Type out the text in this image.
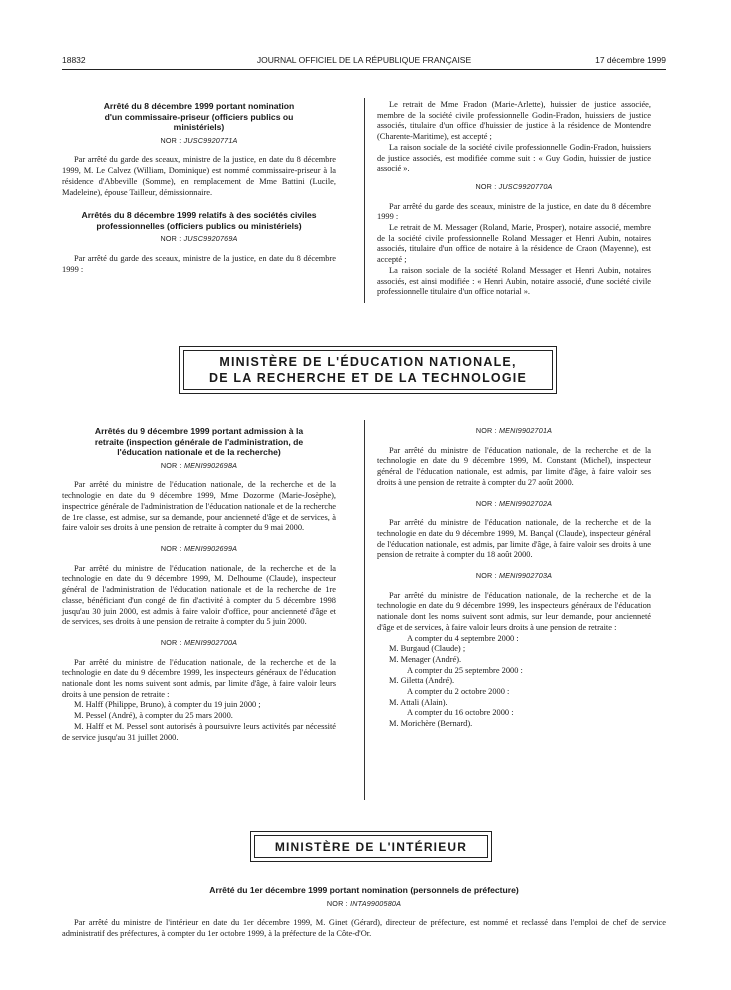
18832	JOURNAL OFFICIEL DE LA RÉPUBLIQUE FRANÇAISE	17 décembre 1999
Arrêté du 8 décembre 1999 portant nomination
d'un commissaire-priseur (officiers publics ou
ministériels)
NOR : JUSC9920771A

Par arrêté du garde des sceaux, ministre de la justice, en date du 8 décembre 1999, M. Le Calvez (William, Dominique) est nommé commissaire-priseur à la résidence d'Abbeville (Somme), en remplacement de Mme Battini (Lucile, Madeleine), épouse Tailleur, démissionnaire.

Arrêtés du 8 décembre 1999 relatifs à des sociétés civiles
professionnelles (officiers publics ou ministériels)
NOR : JUSC9920769A

Par arrêté du garde des sceaux, ministre de la justice, en date du 8 décembre 1999 :

Le retrait de Mme Fradon (Marie-Arlette), huissier de justice associée, membre de la société civile professionnelle Godin-Fradon, huissiers de justice associés, titulaire d'un office d'huissier de justice à la résidence de Montendre (Charente-Maritime), est accepté ;

La raison sociale de la société civile professionnelle Godin-Fradon, huissiers de justice associés, est modifiée comme suit : « Guy Godin, huissier de justice associé ».

NOR : JUSC9920770A

Par arrêté du garde des sceaux, ministre de la justice, en date du 8 décembre 1999 :

Le retrait de M. Messager (Roland, Marie, Prosper), notaire associé, membre de la société civile professionnelle Roland Messager et Henri Aubin, notaires associés, titulaire d'un office de notaire à la résidence de Craon (Mayenne), est accepté ;

La raison sociale de la société Roland Messager et Henri Aubin, notaires associés, est ainsi modifiée : « Henri Aubin, notaire associé, d'une société civile professionnelle titulaire d'un office notarial ».

MINISTÈRE DE L'ÉDUCATION NATIONALE,
DE LA RECHERCHE ET DE LA TECHNOLOGIE
Arrêtés du 9 décembre 1999 portant admission à la
retraite (inspection générale de l'administration, de
l'éducation nationale et de la recherche)
NOR : MENI9902698A

Par arrêté du ministre de l'éducation nationale, de la recherche et de la technologie en date du 9 décembre 1999, Mme Dozorme (Marie-Josèphe), inspectrice générale de l'administration de l'éducation nationale et de la recherche de 1re classe, est admise, sur sa demande, pour ancienneté d'âge et de services, à faire valoir ses droits à une pension de retraite à compter du 9 mai 2000.

NOR : MENI9902699A

Par arrêté du ministre de l'éducation nationale, de la recherche et de la technologie en date du 9 décembre 1999, M. Delhoume (Claude), inspecteur général de l'administration de l'éducation nationale et de la recherche de 1re classe, bénéficiant d'un congé de fin d'activité à compter du 5 décembre 1998 jusqu'au 30 juin 2000, est admis à faire valoir d'office, pour ancienneté d'âge et de services, ses droits à une pension de retraite à compter du 5 juin 2000.

NOR : MENI9902700A

Par arrêté du ministre de l'éducation nationale, de la recherche et de la technologie en date du 9 décembre 1999, les inspecteurs généraux de l'éducation nationale dont les noms suivent sont admis, par limite d'âge, à faire valoir leurs droits à une pension de retraite :

M. Halff (Philippe, Bruno), à compter du 19 juin 2000 ;

M. Pessel (André), à compter du 25 mars 2000.

M. Halff et M. Pessel sont autorisés à poursuivre leurs activités par nécessité de service jusqu'au 31 juillet 2000.

NOR : MENI9902701A

Par arrêté du ministre de l'éducation nationale, de la recherche et de la technologie en date du 9 décembre 1999, M. Constant (Michel), inspecteur général de l'éducation nationale, est admis, par limite d'âge, à faire valoir ses droits à une pension de retraite à compter du 27 août 2000.

NOR : MENI9902702A

Par arrêté du ministre de l'éducation nationale, de la recherche et de la technologie en date du 9 décembre 1999, M. Bançal (Claude), inspecteur général de l'éducation nationale, est admis, par limite d'âge, à faire valoir ses droits à une pension de retraite à compter du 18 août 2000.

NOR : MENI9902703A

Par arrêté du ministre de l'éducation nationale, de la recherche et de la technologie en date du 9 décembre 1999, les inspecteurs généraux de l'éducation nationale dont les noms suivent sont admis, sur leur demande, pour ancienneté d'âge et de services, à faire valoir leurs droits à une pension de retraite :

A compter du 4 septembre 2000 :

M. Burgaud (Claude) ;

M. Menager (André).

A compter du 25 septembre 2000 :

M. Giletta (André).

A compter du 2 octobre 2000 :

M. Attali (Alain).

A compter du 16 octobre 2000 :

M. Morichère (Bernard).

MINISTÈRE DE L'INTÉRIEUR
Arrêté du 1er décembre 1999 portant nomination (personnels de préfecture)
NOR : INTA9900580A

Par arrêté du ministre de l'intérieur en date du 1er décembre 1999, M. Ginet (Gérard), directeur de préfecture, est nommé et reclassé dans l'emploi de chef de service administratif des préfectures, à compter du 1er octobre 1999, à la préfecture de la Côte-d'Or.
